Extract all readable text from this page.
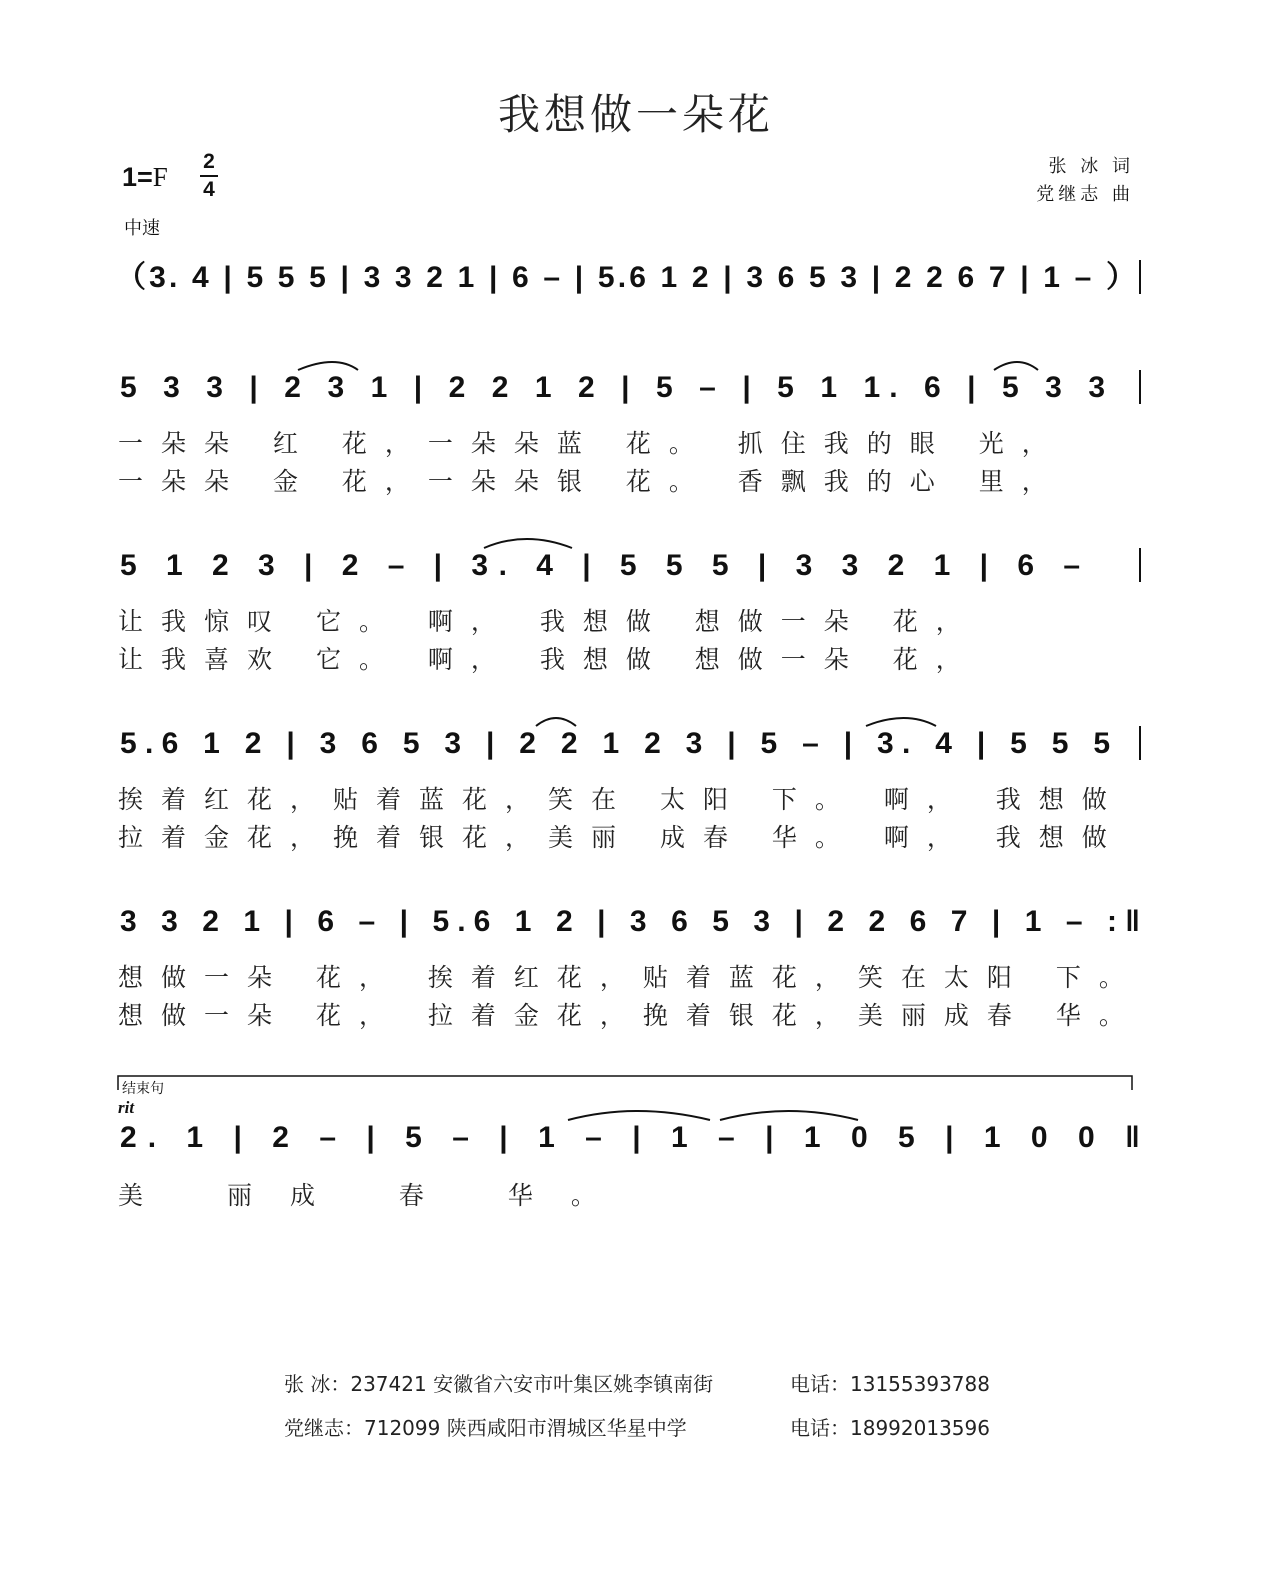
我想做一朵花
1=F
2
4
中速
张 冰 词
党继志 曲
（3. 4 | 5 5 5 | 3 3 2 1 | 6 – | 5.6 1 2 | 3 6 5 3 | 2 2 6 7 | 1 – ）
5 3 3 | 2 3 1 | 2 2 1 2 | 5 – | 5 1 1. 6 | 5 3 3
一朵朵 红 花，一朵朵蓝 花。 抓住我的眼 光，
一朵朵 金 花，一朵朵银 花。 香飘我的心 里，
5 1 2 3 | 2 – | 3. 4 | 5 5 5 | 3 3 2 1 | 6 –
让我惊叹 它。 啊， 我想做 想做一朵 花，
让我喜欢 它。 啊， 我想做 想做一朵 花，
5.6 1 2 | 3 6 5 3 | 2 2 1 2 3 | 5 – | 3. 4 | 5 5 5
挨着红花，贴着蓝花，笑在 太阳 下。 啊， 我想做
拉着金花，挽着银花，美丽 成春 华。 啊， 我想做
3 3 2 1 | 6 – | 5.6 1 2 | 3 6 5 3 | 2 2 6 7 | 1 – :‖
想做一朵 花， 挨着红花，贴着蓝花，笑在太阳 下。
想做一朵 花， 拉着金花，挽着银花，美丽成春 华。
结束句
rit
2. 1 | 2 – | 5 – | 1 – | 1 – | 1 0 5 | 1 0 0 ‖
美 丽成 春 华。
张 冰：237421 安徽省六安市叶集区姚李镇南街	电话：13155393788
党继志：712099 陕西咸阳市渭城区华星中学	电话：18992013596
